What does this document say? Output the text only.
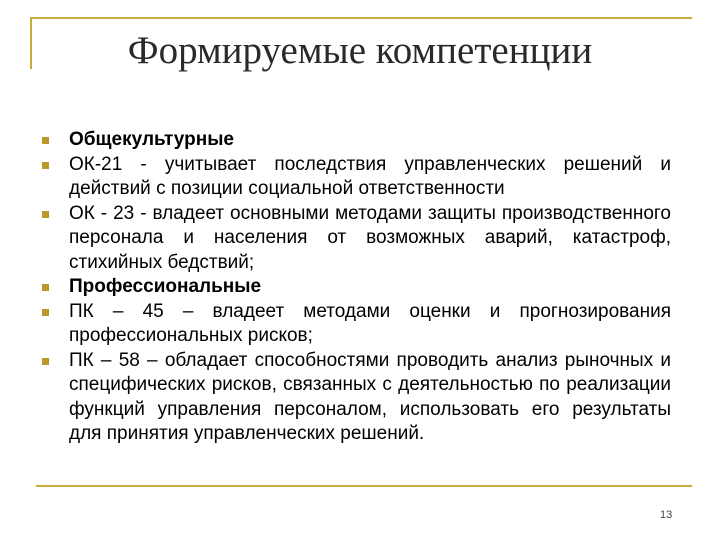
Формируемые компетенции
Общекультурные
ОК-21 - учитывает последствия управленческих решений и действий с позиции социальной ответственности
ОК - 23 - владеет основными методами защиты производственного персонала и населения от возможных аварий, катастроф, стихийных бедствий;
Профессиональные
ПК – 45 – владеет методами оценки и прогнозирования профессиональных рисков;
ПК – 58 – обладает способностями проводить анализ рыночных и специфических рисков, связанных с деятельностью по реализации функций управления персоналом, использовать его результаты для принятия управленческих решений.
13
